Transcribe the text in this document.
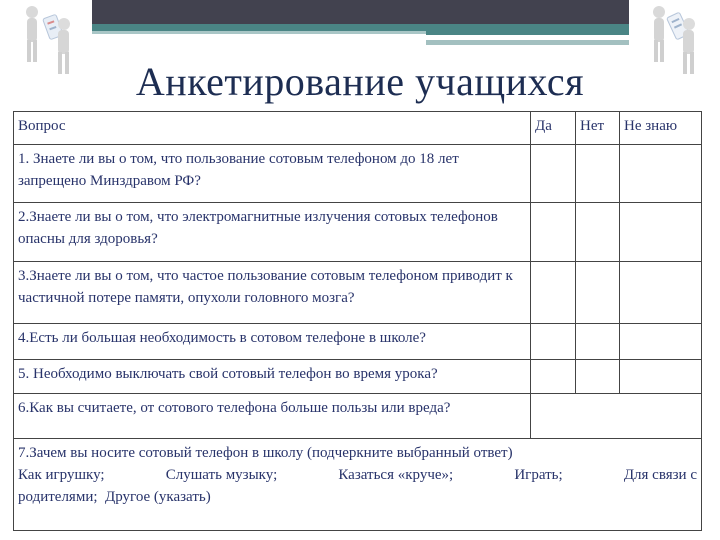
Анкетирование учащихся
Вопрос	Да	Нет	Не знаю
1. Знаете ли вы о том, что пользование сотовым телефоном до 18 лет запрещено Минздравом РФ?			
2.Знаете ли вы о том, что электромагнитные излучения сотовых телефонов опасны для здоровья?			
3.Знаете ли вы о том, что частое пользование сотовым телефоном приводит к частичной потере памяти, опухоли головного мозга?			
4.Есть ли большая необходимость в сотовом телефоне в школе?			
5. Необходимо выключать свой сотовый телефон во время урока?			
6.Как вы считаете, от сотового телефона больше пользы или вреда?			

7.Зачем вы носите сотовый телефон в школу (подчеркните выбранный ответ)
Как игрушку;	Слушать музыку;	Казаться «круче»;	Играть;	Для связи с
родителями;  Другое (указать)
